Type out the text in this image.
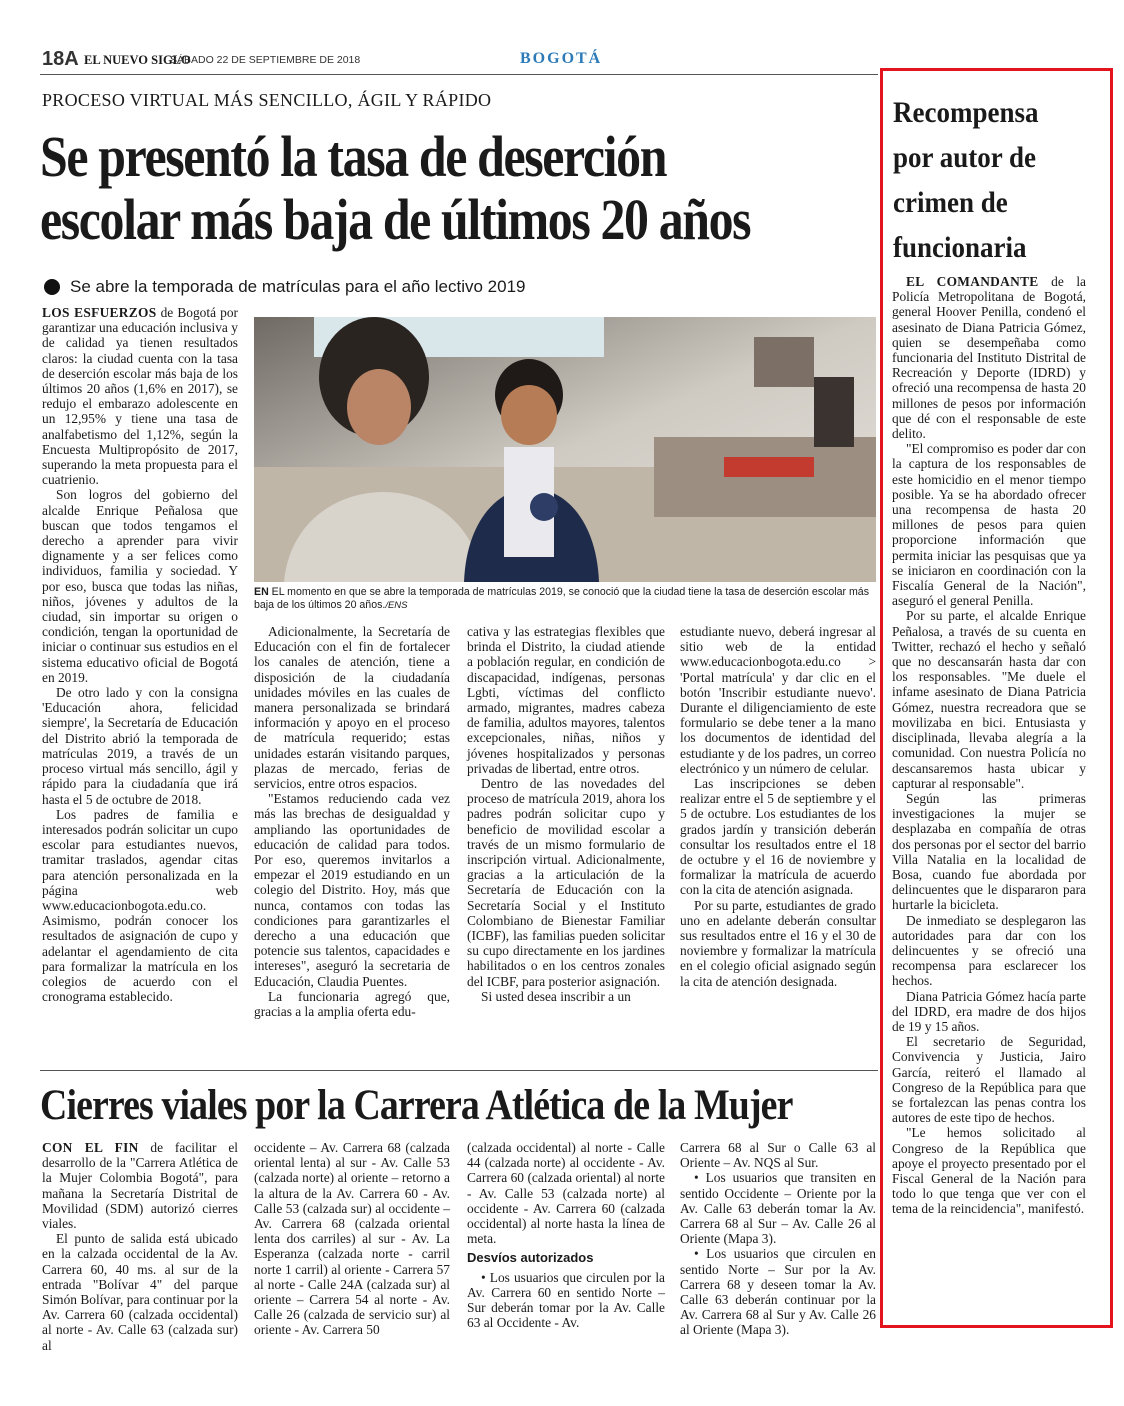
18A EL NUEVO SIGLO
SÁBADO 22 DE SEPTIEMBRE DE 2018	BOGOTÁ
PROCESO VIRTUAL MÁS SENCILLO, ÁGIL Y RÁPIDO
Se presentó la tasa de deserción
escolar más baja de últimos 20 años
Se abre la temporada de matrículas para el año lectivo 2019

LOS ESFUERZOS de Bogotá por garantizar una educación inclusiva y de calidad ya tienen resultados claros: la ciudad cuenta con la tasa de deserción escolar más baja de los últimos 20 años (1,6% en 2017), se redujo el embarazo adolescente en un 12,95% y tiene una tasa de analfabetismo del 1,12%, según la Encuesta Multipropósito de 2017, superando la meta propuesta para el cuatrienio.

Son logros del gobierno del alcalde Enrique Peñalosa que buscan que todos tengamos el derecho a aprender para vivir dignamente y a ser felices como individuos, familia y sociedad. Y por eso, busca que todas las niñas, niños, jóvenes y adultos de la ciudad, sin importar su origen o condición, tengan la oportunidad de iniciar o continuar sus estudios en el sistema educativo oficial de Bogotá en 2019.

De otro lado y con la consigna 'Educación ahora, felicidad siempre', la Secretaría de Educación del Distrito abrió la temporada de matrículas 2019, a través de un proceso virtual más sencillo, ágil y rápido para la ciudadanía que irá hasta el 5 de octubre de 2018.

Los padres de familia e interesados podrán solicitar un cupo escolar para estudiantes nuevos, tramitar traslados, agendar citas para atención personalizada en la página web www.educacionbogota.edu.co. Asimismo, podrán conocer los resultados de asignación de cupo y adelantar el agendamiento de cita para formalizar la matrícula en los colegios de acuerdo con el cronograma establecido.

EN EL momento en que se abre la temporada de matrículas 2019, se conoció que la ciudad tiene la tasa de deserción escolar más baja de los últimos 20 años./ENS

Adicionalmente, la Secretaría de Educación con el fin de fortalecer los canales de atención, tiene a disposición de la ciudadanía unidades móviles en las cuales de manera personalizada se brindará información y apoyo en el proceso de matrícula requerido; estas unidades estarán visitando parques, plazas de mercado, ferias de servicios, entre otros espacios.

"Estamos reduciendo cada vez más las brechas de desigualdad y ampliando las oportunidades de educación de calidad para todos. Por eso, queremos invitarlos a empezar el 2019 estudiando en un colegio del Distrito. Hoy, más que nunca, contamos con todas las condiciones para garantizarles el derecho a una educación que potencie sus talentos, capacidades e intereses", aseguró la secretaria de Educación, Claudia Puentes.

La funcionaria agregó que, gracias a la amplia oferta edu-

cativa y las estrategias flexibles que brinda el Distrito, la ciudad atiende a población regular, en condición de discapacidad, indígenas, personas Lgbti, víctimas del conflicto armado, migrantes, madres cabeza de familia, adultos mayores, talentos excepcionales, niñas, niños y jóvenes hospitalizados y personas privadas de libertad, entre otros.

Dentro de las novedades del proceso de matrícula 2019, ahora los padres podrán solicitar cupo y beneficio de movilidad escolar a través de un mismo formulario de inscripción virtual. Adicionalmente, gracias a la articulación de la Secretaría de Educación con la Secretaría Social y el Instituto Colombiano de Bienestar Familiar (ICBF), las familias pueden solicitar su cupo directamente en los jardines habilitados o en los centros zonales del ICBF, para posterior asignación.

Si usted desea inscribir a un

estudiante nuevo, deberá ingresar al sitio web de la entidad www.educacionbogota.edu.co > 'Portal matrícula' y dar clic en el botón 'Inscribir estudiante nuevo'. Durante el diligenciamiento de este formulario se debe tener a la mano los documentos de identidad del estudiante y de los padres, un correo electrónico y un número de celular.

Las inscripciones se deben realizar entre el 5 de septiembre y el 5 de octubre. Los estudiantes de los grados jardín y transición deberán consultar los resultados entre el 18 de octubre y el 16 de noviembre y formalizar la matrícula de acuerdo con la cita de atención asignada.

Por su parte, estudiantes de grado uno en adelante deberán consultar sus resultados entre el 16 y el 30 de noviembre y formalizar la matrícula en el colegio oficial asignado según la cita de atención designada.

Cierres viales por la Carrera Atlética de la Mujer

CON EL FIN de facilitar el desarrollo de la "Carrera Atlética de la Mujer Colombia Bogotá", para mañana la Secretaría Distrital de Movilidad (SDM) autorizó cierres viales.

El punto de salida está ubicado en la calzada occidental de la Av. Carrera 60, 40 ms. al sur de la entrada "Bolívar 4" del parque Simón Bolívar, para continuar por la Av. Carrera 60 (calzada occidental) al norte - Av. Calle 63 (calzada sur) al

occidente – Av. Carrera 68 (calzada oriental lenta) al sur - Av. Calle 53 (calzada norte) al oriente – retorno a la altura de la Av. Carrera 60 - Av. Calle 53 (calzada sur) al occidente – Av. Carrera 68 (calzada oriental lenta dos carriles) al sur - Av. La Esperanza (calzada norte - carril norte 1 carril) al oriente - Carrera 57 al norte - Calle 24A (calzada sur) al oriente – Carrera 54 al norte - Av. Calle 26 (calzada de servicio sur) al oriente - Av. Carrera 50

(calzada occidental) al norte - Calle 44 (calzada norte) al occidente - Av. Carrera 60 (calzada oriental) al norte - Av. Calle 53 (calzada norte) al occidente - Av. Carrera 60 (calzada occidental) al norte hasta la línea de meta.

Desvíos autorizados

• Los usuarios que circulen por la Av. Carrera 60 en sentido Norte – Sur deberán tomar por la Av. Calle 63 al Occidente - Av.

Carrera 68 al Sur o Calle 63 al Oriente – Av. NQS al Sur.

• Los usuarios que transiten en sentido Occidente – Oriente por la Av. Calle 63 deberán tomar la Av. Carrera 68 al Sur – Av. Calle 26 al Oriente (Mapa 3).

• Los usuarios que circulen en sentido Norte – Sur por la Av. Carrera 68 y deseen tomar la Av. Calle 63 deberán continuar por la Av. Carrera 68 al Sur y Av. Calle 26 al Oriente (Mapa 3).

Recompensa por autor de crimen de funcionaria

EL COMANDANTE de la Policía Metropolitana de Bogotá, general Hoover Penilla, condenó el asesinato de Diana Patricia Gómez, quien se desempeñaba como funcionaria del Instituto Distrital de Recreación y Deporte (IDRD) y ofreció una recompensa de hasta 20 millones de pesos por información que dé con el responsable de este delito.

"El compromiso es poder dar con la captura de los responsables de este homicidio en el menor tiempo posible. Ya se ha abordado ofrecer una recompensa de hasta 20 millones de pesos para quien proporcione información que permita iniciar las pesquisas que ya se iniciaron en coordinación con la Fiscalía General de la Nación", aseguró el general Penilla.

Por su parte, el alcalde Enrique Peñalosa, a través de su cuenta en Twitter, rechazó el hecho y señaló que no descansarán hasta dar con los responsables. "Me duele el infame asesinato de Diana Patricia Gómez, nuestra recreadora que se movilizaba en bici. Entusiasta y disciplinada, llevaba alegría a la comunidad. Con nuestra Policía no descansaremos hasta ubicar y capturar al responsable".

Según las primeras investigaciones la mujer se desplazaba en compañía de otras dos personas por el sector del barrio Villa Natalia en la localidad de Bosa, cuando fue abordada por delincuentes que le dispararon para hurtarle la bicicleta.

De inmediato se desplegaron las autoridades para dar con los delincuentes y se ofreció una recompensa para esclarecer los hechos.

Diana Patricia Gómez hacía parte del IDRD, era madre de dos hijos de 19 y 15 años.

El secretario de Seguridad, Convivencia y Justicia, Jairo García, reiteró el llamado al Congreso de la República para que se fortalezcan las penas contra los autores de este tipo de hechos.

"Le hemos solicitado al Congreso de la República que apoye el proyecto presentado por el Fiscal General de la Nación para todo lo que tenga que ver con el tema de la reincidencia", manifestó.
